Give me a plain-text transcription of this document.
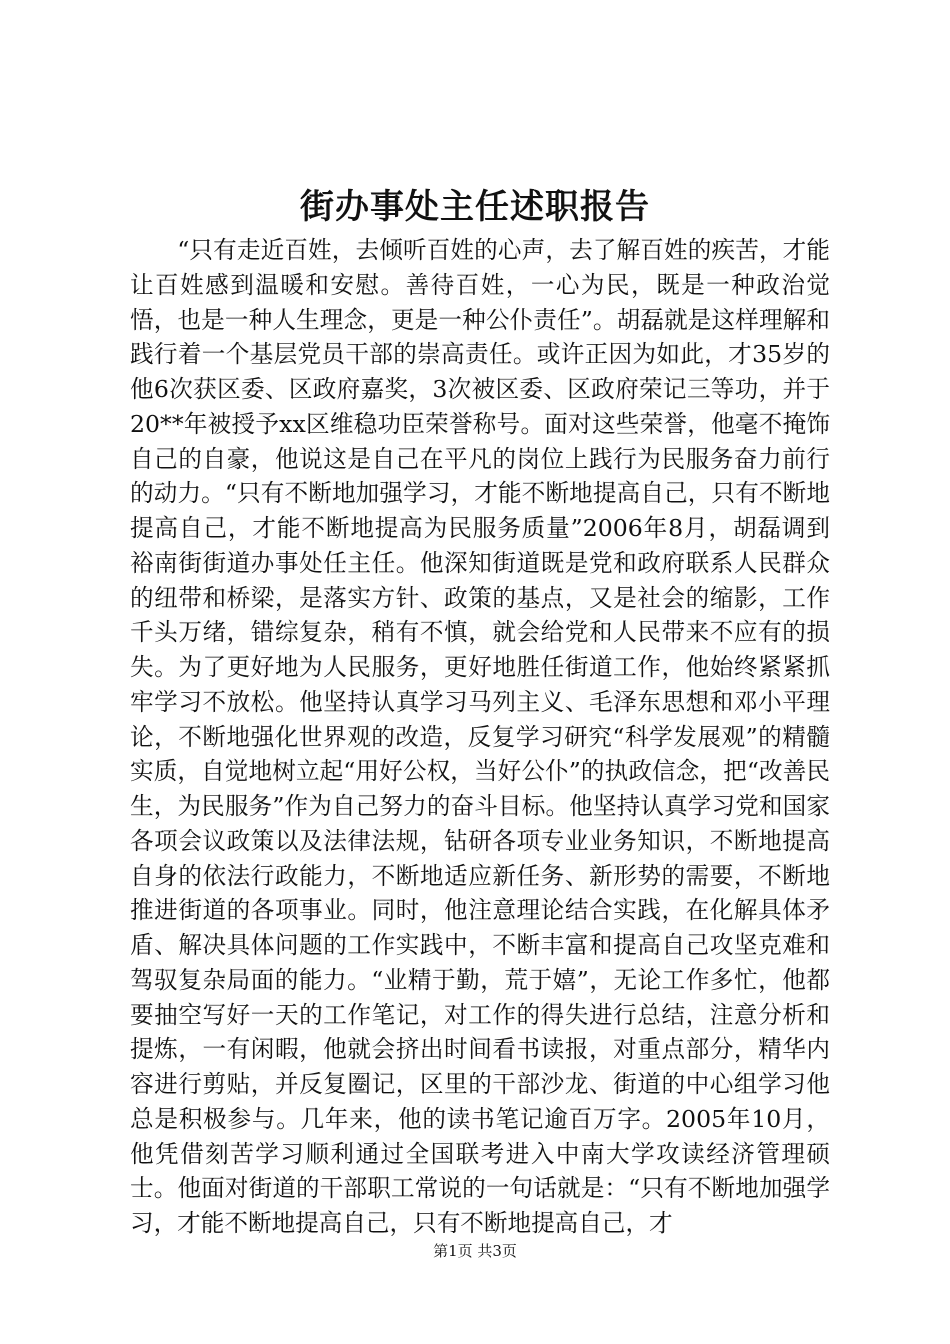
街办事处主任述职报告

“只有走近百姓，去倾听百姓的心声，去了解百姓的疾苦，才能让百姓感到温暖和安慰。善待百姓，一心为民，既是一种政治觉悟，也是一种人生理念，更是一种公仆责任”。胡磊就是这样理解和践行着一个基层党员干部的崇高责任。或许正因为如此，才35岁的他6次获区委、区政府嘉奖，3次被区委、区政府荣记三等功，并于20**年被授予xx区维稳功臣荣誉称号。面对这些荣誉，他毫不掩饰自己的自豪，他说这是自己在平凡的岗位上践行为民服务奋力前行的动力。“只有不断地加强学习，才能不断地提高自己，只有不断地提高自己，才能不断地提高为民服务质量”2006年8月，胡磊调到裕南街街道办事处任主任。他深知街道既是党和政府联系人民群众的纽带和桥梁，是落实方针、政策的基点，又是社会的缩影，工作千头万绪，错综复杂，稍有不慎，就会给党和人民带来不应有的损失。为了更好地为人民服务，更好地胜任街道工作，他始终紧紧抓牢学习不放松。他坚持认真学习马列主义、毛泽东思想和邓小平理论，不断地强化世界观的改造，反复学习研究“科学发展观”的精髓实质，自觉地树立起“用好公权，当好公仆”的执政信念，把“改善民生，为民服务”作为自己努力的奋斗目标。他坚持认真学习党和国家各项会议政策以及法律法规，钻研各项专业业务知识，不断地提高自身的依法行政能力，不断地适应新任务、新形势的需要，不断地推进街道的各项事业。同时，他注意理论结合实践，在化解具体矛盾、解决具体问题的工作实践中，不断丰富和提高自己攻坚克难和驾驭复杂局面的能力。“业精于勤，荒于嬉”，无论工作多忙，他都要抽空写好一天的工作笔记，对工作的得失进行总结，注意分析和提炼，一有闲暇，他就会挤出时间看书读报，对重点部分，精华内容进行剪贴，并反复圈记，区里的干部沙龙、街道的中心组学习他总是积极参与。几年来，他的读书笔记逾百万字。2005年10月，他凭借刻苦学习顺利通过全国联考进入中南大学攻读经济管理硕士。他面对街道的干部职工常说的一句话就是：“只有不断地加强学习，才能不断地提高自己，只有不断地提高自己，才

第1页 共3页
